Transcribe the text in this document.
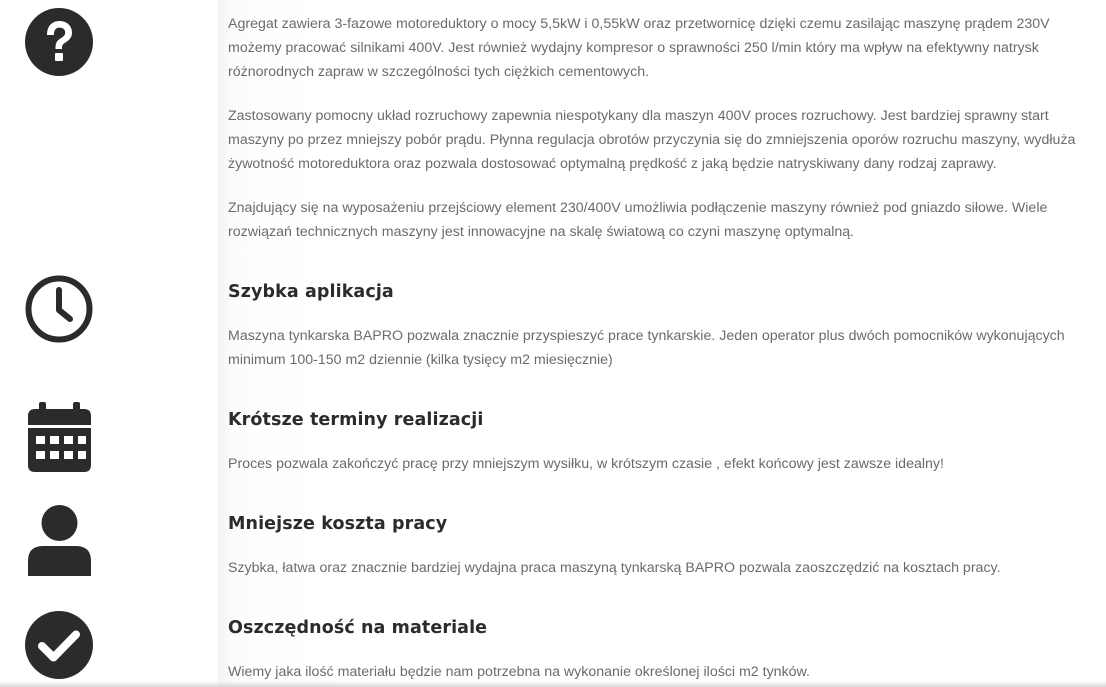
Agregat zawiera 3-fazowe motoreduktory o mocy 5,5kW i 0,55kW oraz przetwornicę dzięki czemu zasilając maszynę prądem 230V możemy pracować silnikami 400V. Jest również wydajny kompresor o sprawności 250 l/min który ma wpływ na efektywny natrysk różnorodnych zapraw w szczególności tych ciężkich cementowych.

Zastosowany pomocny układ rozruchowy zapewnia niespotykany dla maszyn 400V proces rozruchowy. Jest bardziej sprawny start maszyny po przez mniejszy pobór prądu. Płynna regulacja obrotów przyczynia się do zmniejszenia oporów rozruchu maszyny, wydłuża żywotność motoreduktora oraz pozwala dostosować optymalną prędkość z jaką będzie natryskiwany dany rodzaj zaprawy.

Znajdujący się na wyposażeniu przejściowy element 230/400V umożliwia podłączenie maszyny również pod gniazdo siłowe. Wiele rozwiązań technicznych maszyny jest innowacyjne na skalę światową co czyni maszynę optymalną.

Szybka aplikacja

Maszyna tynkarska BAPRO pozwala znacznie przyspieszyć prace tynkarskie. Jeden operator plus dwóch pomocników wykonujących minimum 100-150 m2 dziennie (kilka tysięcy m2 miesięcznie)

Krótsze terminy realizacji

Proces pozwala zakończyć pracę przy mniejszym wysiłku, w krótszym czasie , efekt końcowy jest zawsze idealny!

Mniejsze koszta pracy

Szybka, łatwa oraz znacznie bardziej wydajna praca maszyną tynkarską BAPRO pozwala zaoszczędzić na kosztach pracy.

Oszczędność na materiale

Wiemy jaka ilość materiału będzie nam potrzebna na wykonanie określonej ilości m2 tynków.
